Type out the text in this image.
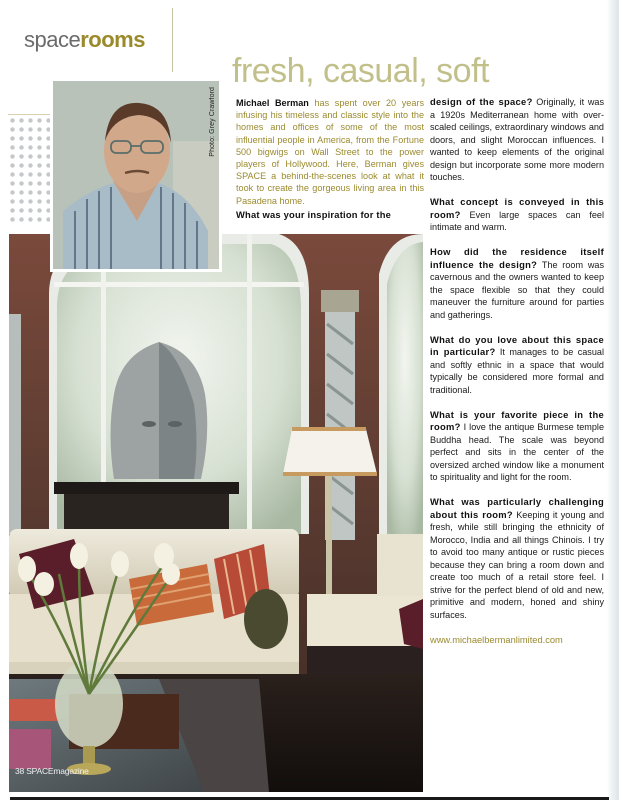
spacerooms
fresh, casual, soft
Photo: Grey Crawford Michael Berman has spent over 20 years infusing his timeless and classic style into the homes and offices of some of the most influential people in America, from the Fortune 500 bigwigs on Wall Street to the power players of Hollywood. Here, Berman gives SPACE a behind-the-scenes look at what it took to create the gorgeous living area in this Pasadena home.
What was your inspiration for the

design of the space? Originally, it was a 1920s Mediterranean home with over-scaled ceilings, extraordinary windows and doors, and slight Moroccan influences. I wanted to keep elements of the original design but incorporate some more modern touches.

What concept is conveyed in this room? Even large spaces can feel intimate and warm.

How did the residence itself influence the design? The room was cavernous and the owners wanted to keep the space flexible so that they could maneuver the furniture around for parties and gatherings.

What do you love about this space in particular? It manages to be casual and softly ethnic in a space that would typically be considered more formal and traditional.

What is your favorite piece in the room? I love the antique Burmese temple Buddha head. The scale was beyond perfect and sits in the center of the oversized arched window like a monument to spirituality and light for the room.

What was particularly challenging about this room? Keeping it young and fresh, while still bringing the ethnicity of Morocco, India and all things Chinois. I try to avoid too many antique or rustic pieces because they can bring a room down and create too much of a retail store feel. I strive for the perfect blend of old and new, primitive and modern, honed and shiny surfaces.

www.michaelbermanlimited.com
38 SPACEmagazine
